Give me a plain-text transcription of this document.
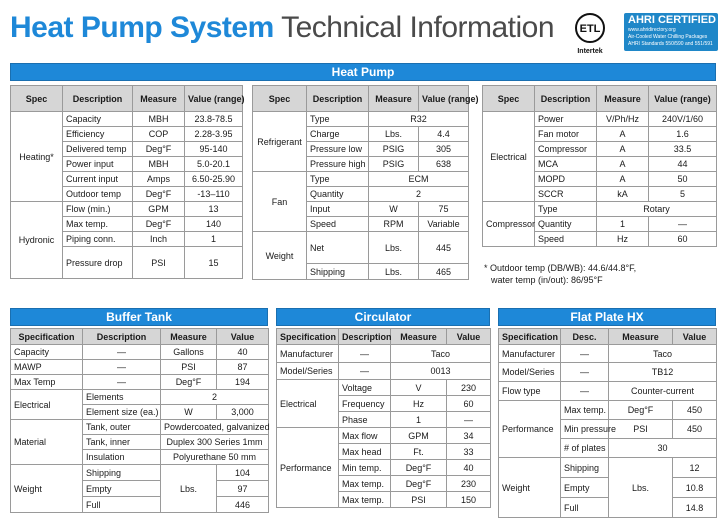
Heat Pump System Technical Information ETL
Intertek
AHRI CERTIFIED
www.ahridirectory.org
Air-Cooled Water Chilling Packages
AHRI Standards 550/590 and 551/591
Heat Pump
Spec	Description	Measure	Value (range)
Heating*	Capacity	MBH	23.8-78.5
	Efficiency	COP	2.28-3.95
	Delivered temp	Deg°F	95-140
	Power input	MBH	5.0-20.1
	Current input	Amps	6.50-25.90
	Outdoor temp	Deg°F	-13–110
Hydronic	Flow (min.)	GPM	13
	Max temp.	Deg°F	140
	Piping conn.	Inch	1
	Pressure drop	PSI	15
Spec	Description	Measure	Value (range)
Refrigerant	Type	R32	
	Charge	Lbs.	4.4
	Pressure low	PSIG	305
	Pressure high	PSIG	638
Fan	Type	ECM	
	Quantity	2	
	Input	W	75
	Speed	RPM	Variable
Weight	Net	Lbs.	445
	Shipping	Lbs.	465
Spec	Description	Measure	Value (range)
Electrical	Power	V/Ph/Hz	240V/1/60
	Fan motor	A	1.6
	Compressor	A	33.5
	MCA	A	44
	MOPD	A	50
	SCCR	kA	5
Compressor	Type	Rotary	
	Quantity	1	—
	Speed	Hz	60
* Outdoor temp (DB/WB): 44.6/44.8°F,
water temp (in/out): 86/95°F
Buffer Tank
Specification	Description	Measure	Value
Capacity	—	Gallons	40
MAWP	—	PSI	87
Max Temp	—	Deg°F	194
Electrical	Elements	2	
	Element size (ea.)	W	3,000
Material	Tank, outer	Powdercoated, galvanized	
	Tank, inner	Duplex 300 Series 1mm	
	Insulation	Polyurethane 50 mm	
Weight	Shipping	Lbs.	104
	Empty		97
	Full		446
Circulator
Specification	Description	Measure	Value
Manufacturer	—	Taco	
Model/Series	—	0013	
Electrical	Voltage	V	230
	Frequency	Hz	60
	Phase	1	—
Performance	Max flow	GPM	34
	Max head	Ft.	33
	Min temp.	Deg°F	40
	Max temp.	Deg°F	230
	Max temp.	PSI	150
Flat Plate HX
Specification	Desc.	Measure	Value
Manufacturer	—	Taco	
Model/Series	—	TB12	
Flow type	—	Counter-current	
Performance	Max temp.	Deg°F	450
	Min pressure	PSI	450
	# of plates	30	
Weight	Shipping	Lbs.	12
	Empty		10.8
	Full		14.8
